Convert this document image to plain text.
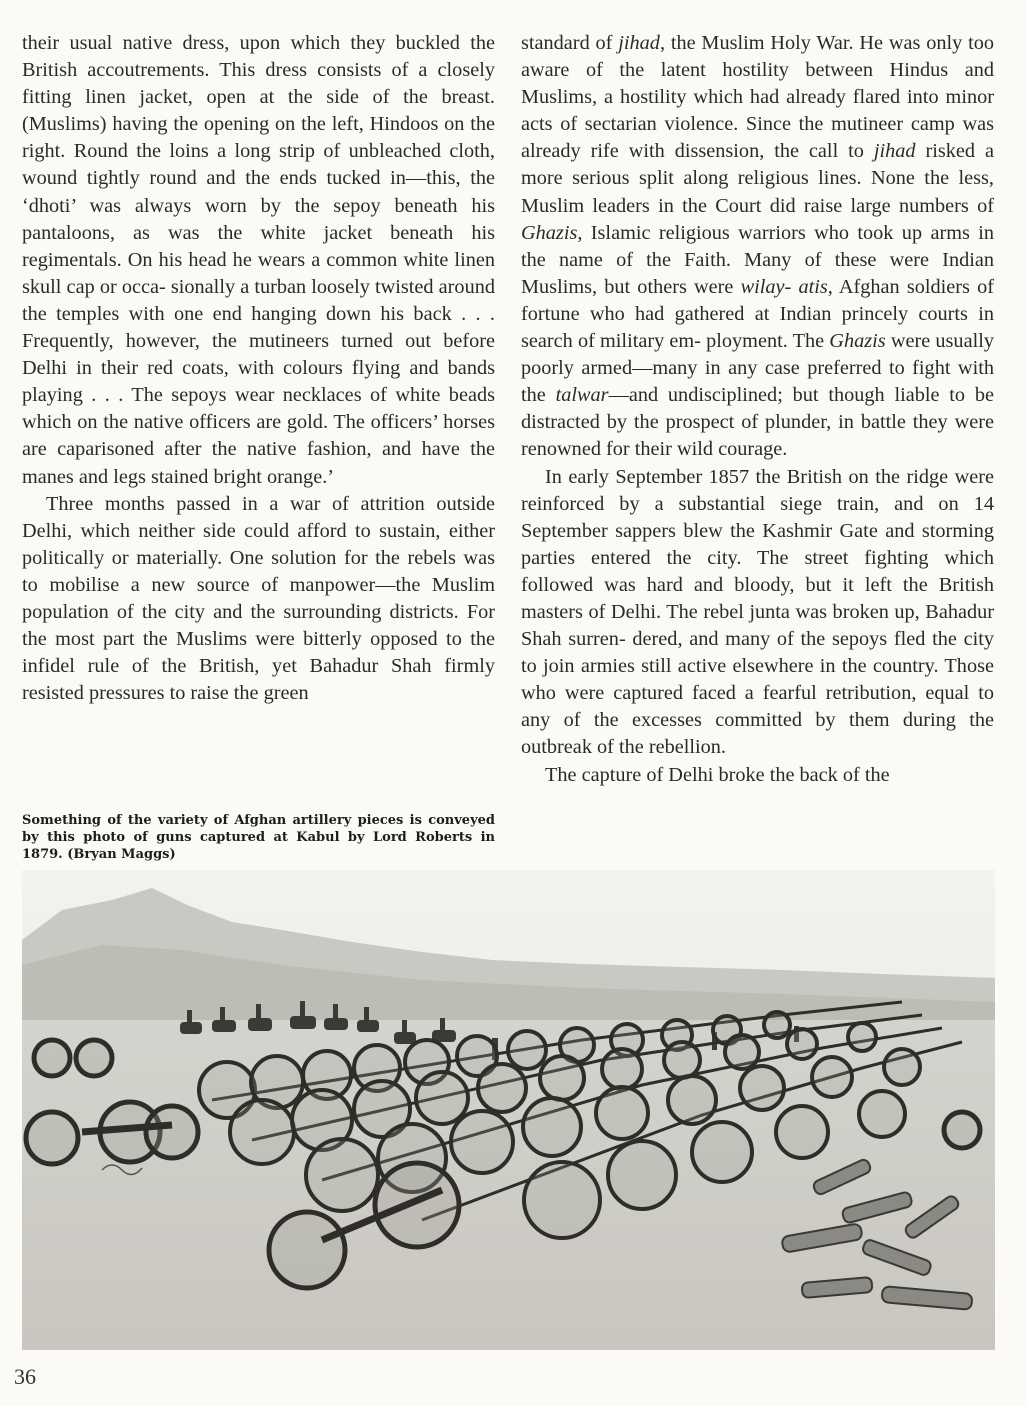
their usual native dress, upon which they buckled the British accoutrements. This dress consists of a closely fitting linen jacket, open at the side of the breast. (Muslims) having the opening on the left, Hindoos on the right. Round the loins a long strip of unbleached cloth, wound tightly round and the ends tucked in—this, the ‘dhoti’ was always worn by the sepoy beneath his pantaloons, as was the white jacket beneath his regimentals. On his head he wears a common white linen skull cap or occa- sionally a turban loosely twisted around the temples with one end hanging down his back . . . Frequently, however, the mutineers turned out before Delhi in their red coats, with colours flying and bands playing . . . The sepoys wear necklaces of white beads which on the native officers are gold. The officers’ horses are caparisoned after the native fashion, and have the manes and legs stained bright orange.’

Three months passed in a war of attrition outside Delhi, which neither side could afford to sustain, either politically or materially. One solution for the rebels was to mobilise a new source of manpower—the Muslim population of the city and the surrounding districts. For the most part the Muslims were bitterly opposed to the infidel rule of the British, yet Bahadur Shah firmly resisted pressures to raise the green

Something of the variety of Afghan artillery pieces is conveyed by this photo of guns captured at Kabul by Lord Roberts in 1879. (Bryan Maggs)

standard of jihad, the Muslim Holy War. He was only too aware of the latent hostility between Hindus and Muslims, a hostility which had already flared into minor acts of sectarian violence. Since the mutineer camp was already rife with dissension, the call to jihad risked a more serious split along religious lines. None the less, Muslim leaders in the Court did raise large numbers of Ghazis, Islamic religious warriors who took up arms in the name of the Faith. Many of these were Indian Muslims, but others were wilay- atis, Afghan soldiers of fortune who had gathered at Indian princely courts in search of military em- ployment. The Ghazis were usually poorly armed—many in any case preferred to fight with the talwar—and undisciplined; but though liable to be distracted by the prospect of plunder, in battle they were renowned for their wild courage.

In early September 1857 the British on the ridge were reinforced by a substantial siege train, and on 14 September sappers blew the Kashmir Gate and storming parties entered the city. The street fighting which followed was hard and bloody, but it left the British masters of Delhi. The rebel junta was broken up, Bahadur Shah surren- dered, and many of the sepoys fled the city to join armies still active elsewhere in the country. Those who were captured faced a fearful retribution, equal to any of the excesses committed by them during the outbreak of the rebellion.

The capture of Delhi broke the back of the

36
